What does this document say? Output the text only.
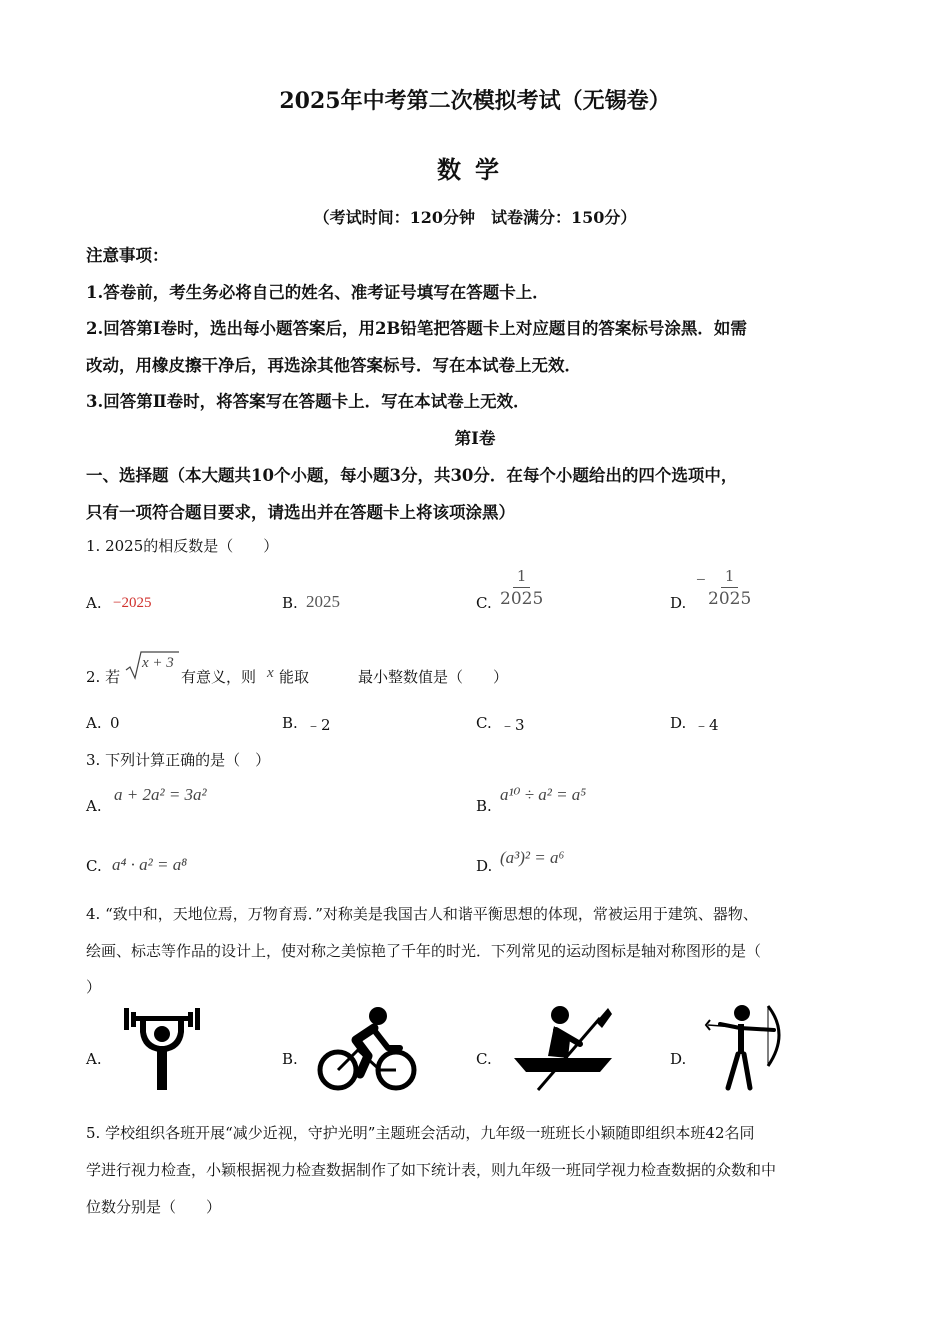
2025年中考第二次模拟考试（无锡卷）
数学
（考试时间：120分钟　试卷满分：150分）
注意事项：
1.答卷前，考生务必将自己的姓名、准考证号填写在答题卡上．
2.回答第Ⅰ卷时，选出每小题答案后，用2B铅笔把答题卡上对应题目的答案标号涂黑．如需
改动，用橡皮擦干净后，再选涂其他答案标号．写在本试卷上无效．
3.回答第Ⅱ卷时，将答案写在答题卡上．写在本试卷上无效．
第Ⅰ卷
一、选择题（本大题共10个小题，每小题3分，共30分．在每个小题给出的四个选项中，
只有一项符合题目要求，请选出并在答题卡上将该项涂黑）
1. 2025的相反数是（　　）
A. −2025	B. 2025	C. $\frac{1}{2025}$	D.
− $\frac{1}{2025}$
2. 若
x + 3
有意义，则 x 能取	最小整数值是（　　）
A. 0	B. ﹣2	C. ﹣3	D. ﹣4
3. 下列计算正确的是（　）
A.
a + 2a² = 3a²
B.
a¹⁰ ÷ a² = a⁵
C. a⁴ · a² = a⁸	D. (a³)² = a⁶
4. “致中和，天地位焉，万物育焉．”对称美是我国古人和谐平衡思想的体现，常被运用于建筑、器物、
绘画、标志等作品的设计上，使对称之美惊艳了千年的时光．下列常见的运动图标是轴对称图形的是（
）
A.	B.	C.	D.
5. 学校组织各班开展“减少近视，守护光明”主题班会活动，九年级一班班长小颖随即组织本班42名同
学进行视力检查，小颖根据视力检查数据制作了如下统计表，则九年级一班同学视力检查数据的众数和中
位数分别是（　　）
